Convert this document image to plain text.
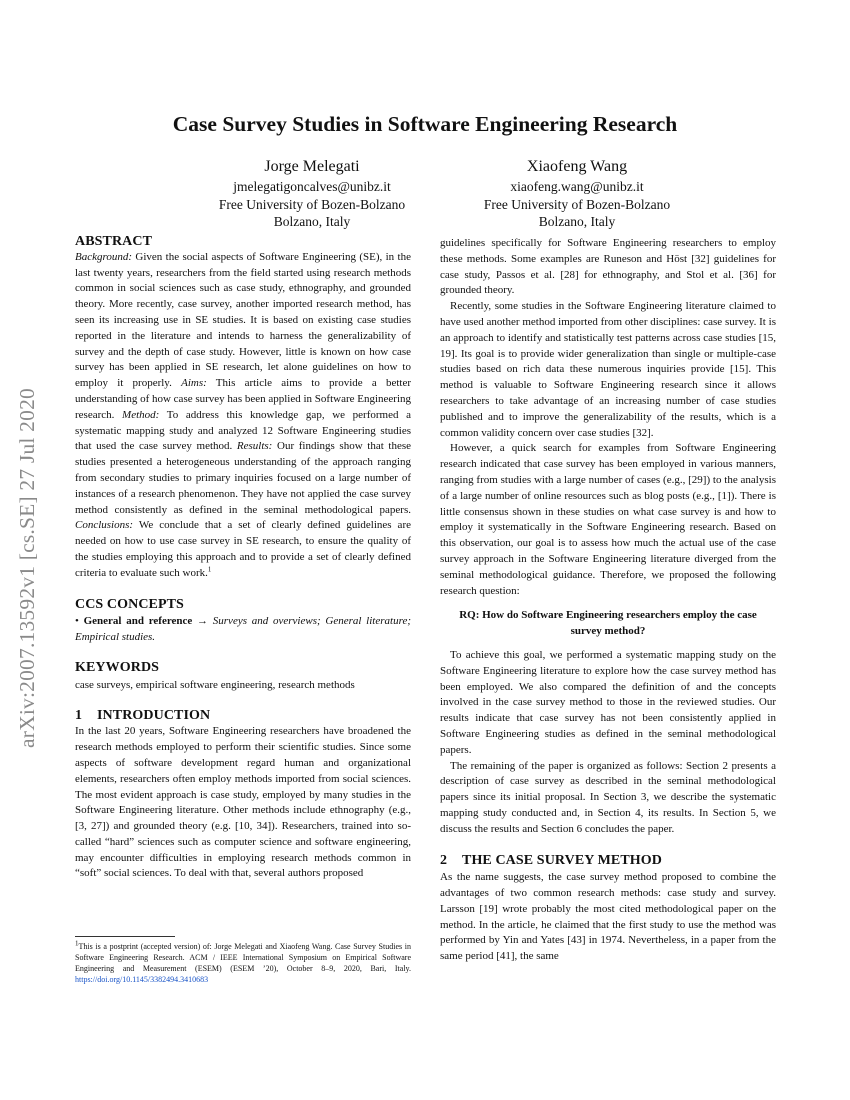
arXiv:2007.13592v1 [cs.SE] 27 Jul 2020
Case Survey Studies in Software Engineering Research
Jorge Melegati
jmelegatigoncalves@unibz.it
Free University of Bozen-Bolzano
Bolzano, Italy
Xiaofeng Wang
xiaofeng.wang@unibz.it
Free University of Bozen-Bolzano
Bolzano, Italy
ABSTRACT

Background: Given the social aspects of Software Engineering (SE), in the last twenty years, researchers from the field started using research methods common in social sciences such as case study, ethnography, and grounded theory. More recently, case survey, another imported research method, has seen its increasing use in SE studies. It is based on existing case studies reported in the literature and intends to harness the generalizability of survey and the depth of case study. However, little is known on how case survey has been applied in SE research, let alone guidelines on how to employ it properly. Aims: This article aims to provide a better understanding of how case survey has been applied in Software Engineering research. Method: To address this knowledge gap, we performed a systematic mapping study and analyzed 12 Software Engineering studies that used the case survey method. Results: Our findings show that these studies presented a heterogeneous understanding of the approach ranging from secondary studies to primary inquiries focused on a large number of instances of a research phenomenon. They have not applied the case survey method consistently as defined in the seminal methodological papers. Conclusions: We conclude that a set of clearly defined guidelines are needed on how to use case survey in SE research, to ensure the quality of the studies employing this approach and to provide a set of clearly defined criteria to evaluate such work.$^1$

CCS CONCEPTS

• General and reference → Surveys and overviews; General literature; Empirical studies.

KEYWORDS

case surveys, empirical software engineering, research methods

1 INTRODUCTION

In the last 20 years, Software Engineering researchers have broadened the research methods employed to perform their scientific studies. Since some aspects of software development regard human and organizational elements, researchers often employ methods imported from social sciences. The most evident approach is case study, employed by many studies in the Software Engineering literature. Other methods include ethnography (e.g., [3, 27]) and grounded theory (e.g. [10, 34]). Researchers, trained into so-called “hard” sciences such as computer science and software engineering, may encounter difficulties in employing research methods common in “soft” social sciences. To deal with that, several authors proposed

$^1$This is a postprint (accepted version) of: Jorge Melegati and Xiaofeng Wang. Case Survey Studies in Software Engineering Research. ACM / IEEE International Symposium on Empirical Software Engineering and Measurement (ESEM) (ESEM ’20), October 8–9, 2020, Bari, Italy. https://doi.org/10.1145/3382494.3410683

guidelines specifically for Software Engineering researchers to employ these methods. Some examples are Runeson and Höst [32] guidelines for case study, Passos et al. [28] for ethnography, and Stol et al. [36] for grounded theory.

Recently, some studies in the Software Engineering literature claimed to have used another method imported from other disciplines: case survey. It is an approach to identify and statistically test patterns across case studies [15, 19]. Its goal is to provide wider generalization than single or multiple-case studies based on rich data these numerous inquiries provide [15]. This method is valuable to Software Engineering research since it allows researchers to take advantage of an increasing number of case studies published and to improve the generalizability of the results, which is a common validity concern over case studies [32].

However, a quick search for examples from Software Engineering research indicated that case survey has been employed in various manners, ranging from studies with a large number of cases (e.g., [29]) to the analysis of a large number of online resources such as blog posts (e.g., [1]). There is little consensus shown in these studies on what case survey is and how to employ it systematically in the Software Engineering research. Based on this observation, our goal is to assess how much the actual use of the case survey approach in the Software Engineering literature diverged from the seminal methodological guidance. Therefore, we proposed the following research question:

RQ: How do Software Engineering researchers employ the case survey method?

To achieve this goal, we performed a systematic mapping study on the Software Engineering literature to explore how the case survey method has been employed. We also compared the definition of and the concepts involved in the case survey method to those in the reviewed studies. Our results indicate that case survey has not been consistently applied in Software Engineering studies as defined in the seminal methodological papers.

The remaining of the paper is organized as follows: Section 2 presents a description of case survey as described in the seminal methodological papers since its initial proposal. In Section 3, we describe the systematic mapping study conducted and, in Section 4, its results. In Section 5, we discuss the results and Section 6 concludes the paper.

2 THE CASE SURVEY METHOD

As the name suggests, the case survey method proposed to combine the advantages of two common research methods: case study and survey. Larsson [19] wrote probably the most cited methodological paper on the method. In the article, he claimed that the first study to use the method was performed by Yin and Yates [43] in 1974. Nevertheless, in a paper from the same period [41], the same
